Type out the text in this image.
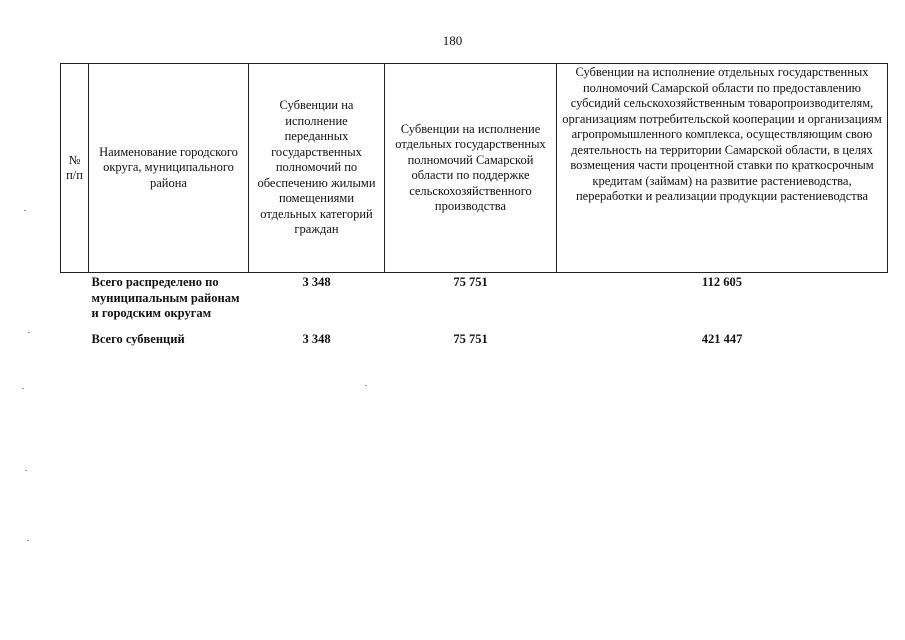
180
№ п/п	Наименование городского округа, муниципального района	Субвенции на исполнение переданных государственных полномочий по обеспечению жилыми помещениями отдельных категорий граждан	Субвенции на исполнение отдельных государственных полномочий Самарской области по поддержке сельскохозяйственного производства	Субвенции на исполнение отдельных государственных полномочий Самарской области по предоставлению субсидий сельскохозяйственным товаропроизводителям, организациям потребительской кооперации и организациям агропромышленного комплекса, осуществляющим свою деятельность на территории Самарской области, в целях возмещения части процентной ставки по краткосрочным кредитам (займам) на развитие растениеводства, переработки и реализации продукции растениеводства
	Всего распределено по муниципальным районам и городским округам	3 348	75 751	112 605
	Всего субвенций	3 348	75 751	421 447
